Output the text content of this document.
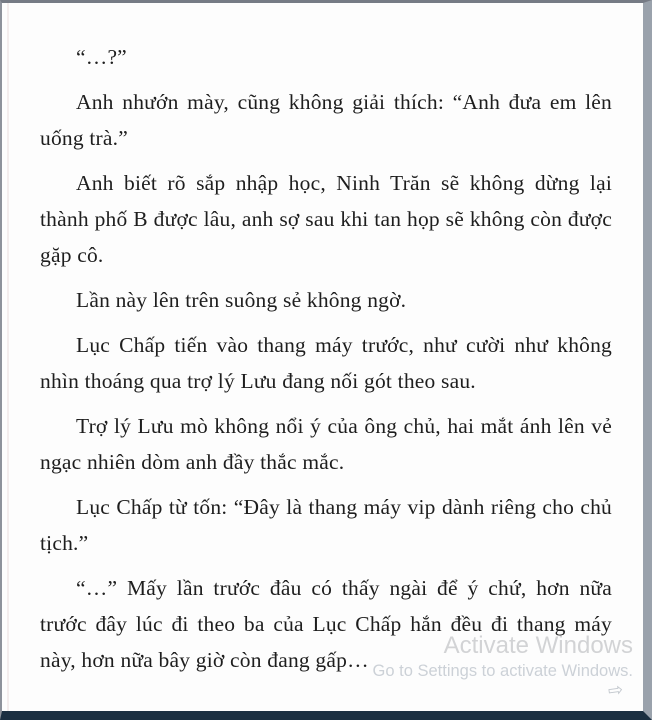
“…?”

Anh nhướn mày, cũng không giải thích: “Anh đưa em lên uống trà.”

Anh biết rõ sắp nhập học, Ninh Trăn sẽ không dừng lại thành phố B được lâu, anh sợ sau khi tan họp sẽ không còn được gặp cô.

Lần này lên trên suông sẻ không ngờ.

Lục Chấp tiến vào thang máy trước, như cười như không nhìn thoáng qua trợ lý Lưu đang nối gót theo sau.

Trợ lý Lưu mò không nổi ý của ông chủ, hai mắt ánh lên vẻ ngạc nhiên dòm anh đầy thắc mắc.

Lục Chấp từ tốn: “Đây là thang máy vip dành riêng cho chủ tịch.”

“…” Mấy lần trước đâu có thấy ngài để ý chứ, hơn nữa trước đây lúc đi theo ba của Lục Chấp hắn đều đi thang máy này, hơn nữa bây giờ còn đang gấp…

Activate Windows
Go to Settings to activate Windows.
⇨
